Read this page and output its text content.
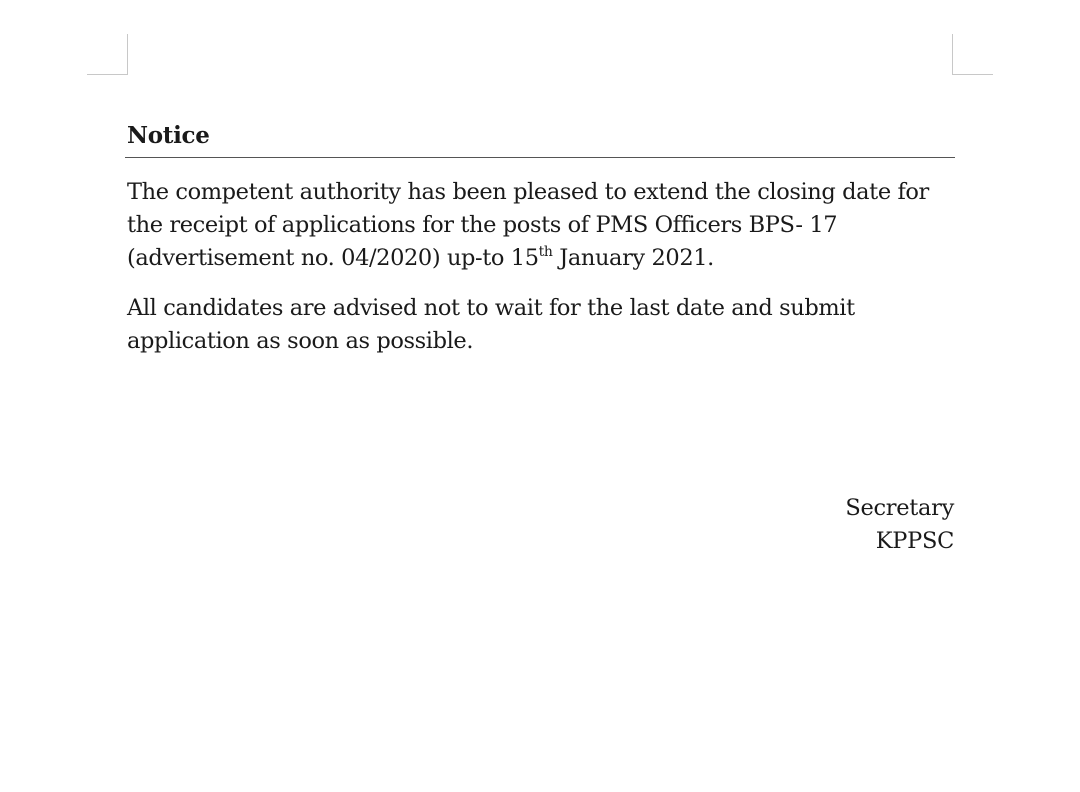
Notice
The competent authority has been pleased to extend the closing date for
the receipt of applications for the posts of PMS Officers BPS- 17
(advertisement no. 04/2020) up-to 15th January 2021.
All candidates are advised not to wait for the last date and submit
application as soon as possible.
Secretary
KPPSC
